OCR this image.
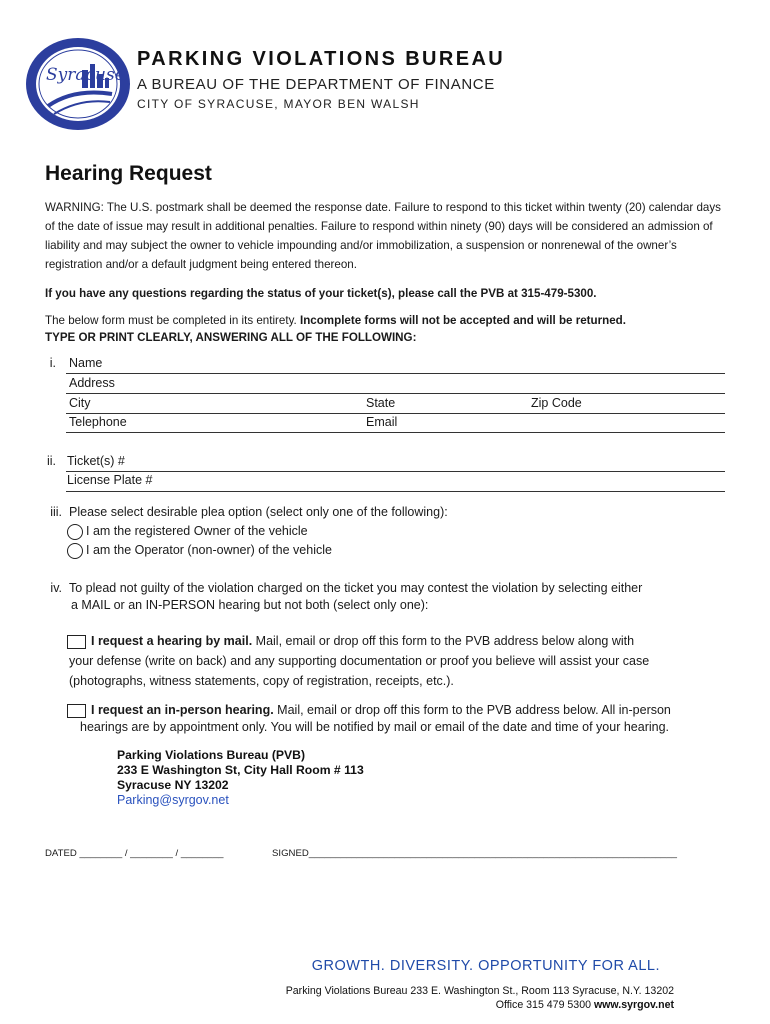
Syracuse
PARKING VIOLATIONS BUREAU
A BUREAU OF THE DEPARTMENT OF FINANCE
CITY OF SYRACUSE, MAYOR BEN WALSH
Hearing Request
WARNING: The U.S. postmark shall be deemed the response date. Failure to respond to this ticket within twenty (20) calendar days of the date of issue may result in additional penalties. Failure to respond within ninety (90) days will be considered an admission of liability and may subject the owner to vehicle impounding and/or immobilization, a suspension or nonrenewal of the owner’s registration and/or a default judgment being entered thereon.
If you have any questions regarding the status of your ticket(s), please call the PVB at 315-479-5300.
The below form must be completed in its entirety. Incomplete forms will not be accepted and will be returned.
TYPE OR PRINT CLEARLY, ANSWERING ALL OF THE FOLLOWING:
i. Name
Address
City	State	Zip Code
Telephone	Email
ii. Ticket(s) #
License Plate #
iii. Please select desirable plea option (select only one of the following):
I am the registered Owner of the vehicle
I am the Operator (non-owner) of the vehicle
iv. To plead not guilty of the violation charged on the ticket you may contest the violation by selecting either
a MAIL or an IN-PERSON hearing but not both (select only one):
I request a hearing by mail. Mail, email or drop off this form to the PVB address below along with
your defense (write on back) and any supporting documentation or proof you believe will assist your case
(photographs, witness statements, copy of registration, receipts, etc.).
I request an in-person hearing. Mail, email or drop off this form to the PVB address below. All in-person
hearings are by appointment only. You will be notified by mail or email of the date and time of your hearing.
Parking Violations Bureau (PVB)
233 E Washington St, City Hall Room # 113
Syracuse NY 13202
Parking@syrgov.net
DATED ________ / ________ / ________	SIGNED_____________________________________________________________________
GROWTH. DIVERSITY. OPPORTUNITY FOR ALL.
Parking Violations Bureau 233 E. Washington St., Room 113 Syracuse, N.Y. 13202
Office 315 479 5300 www.syrgov.net
